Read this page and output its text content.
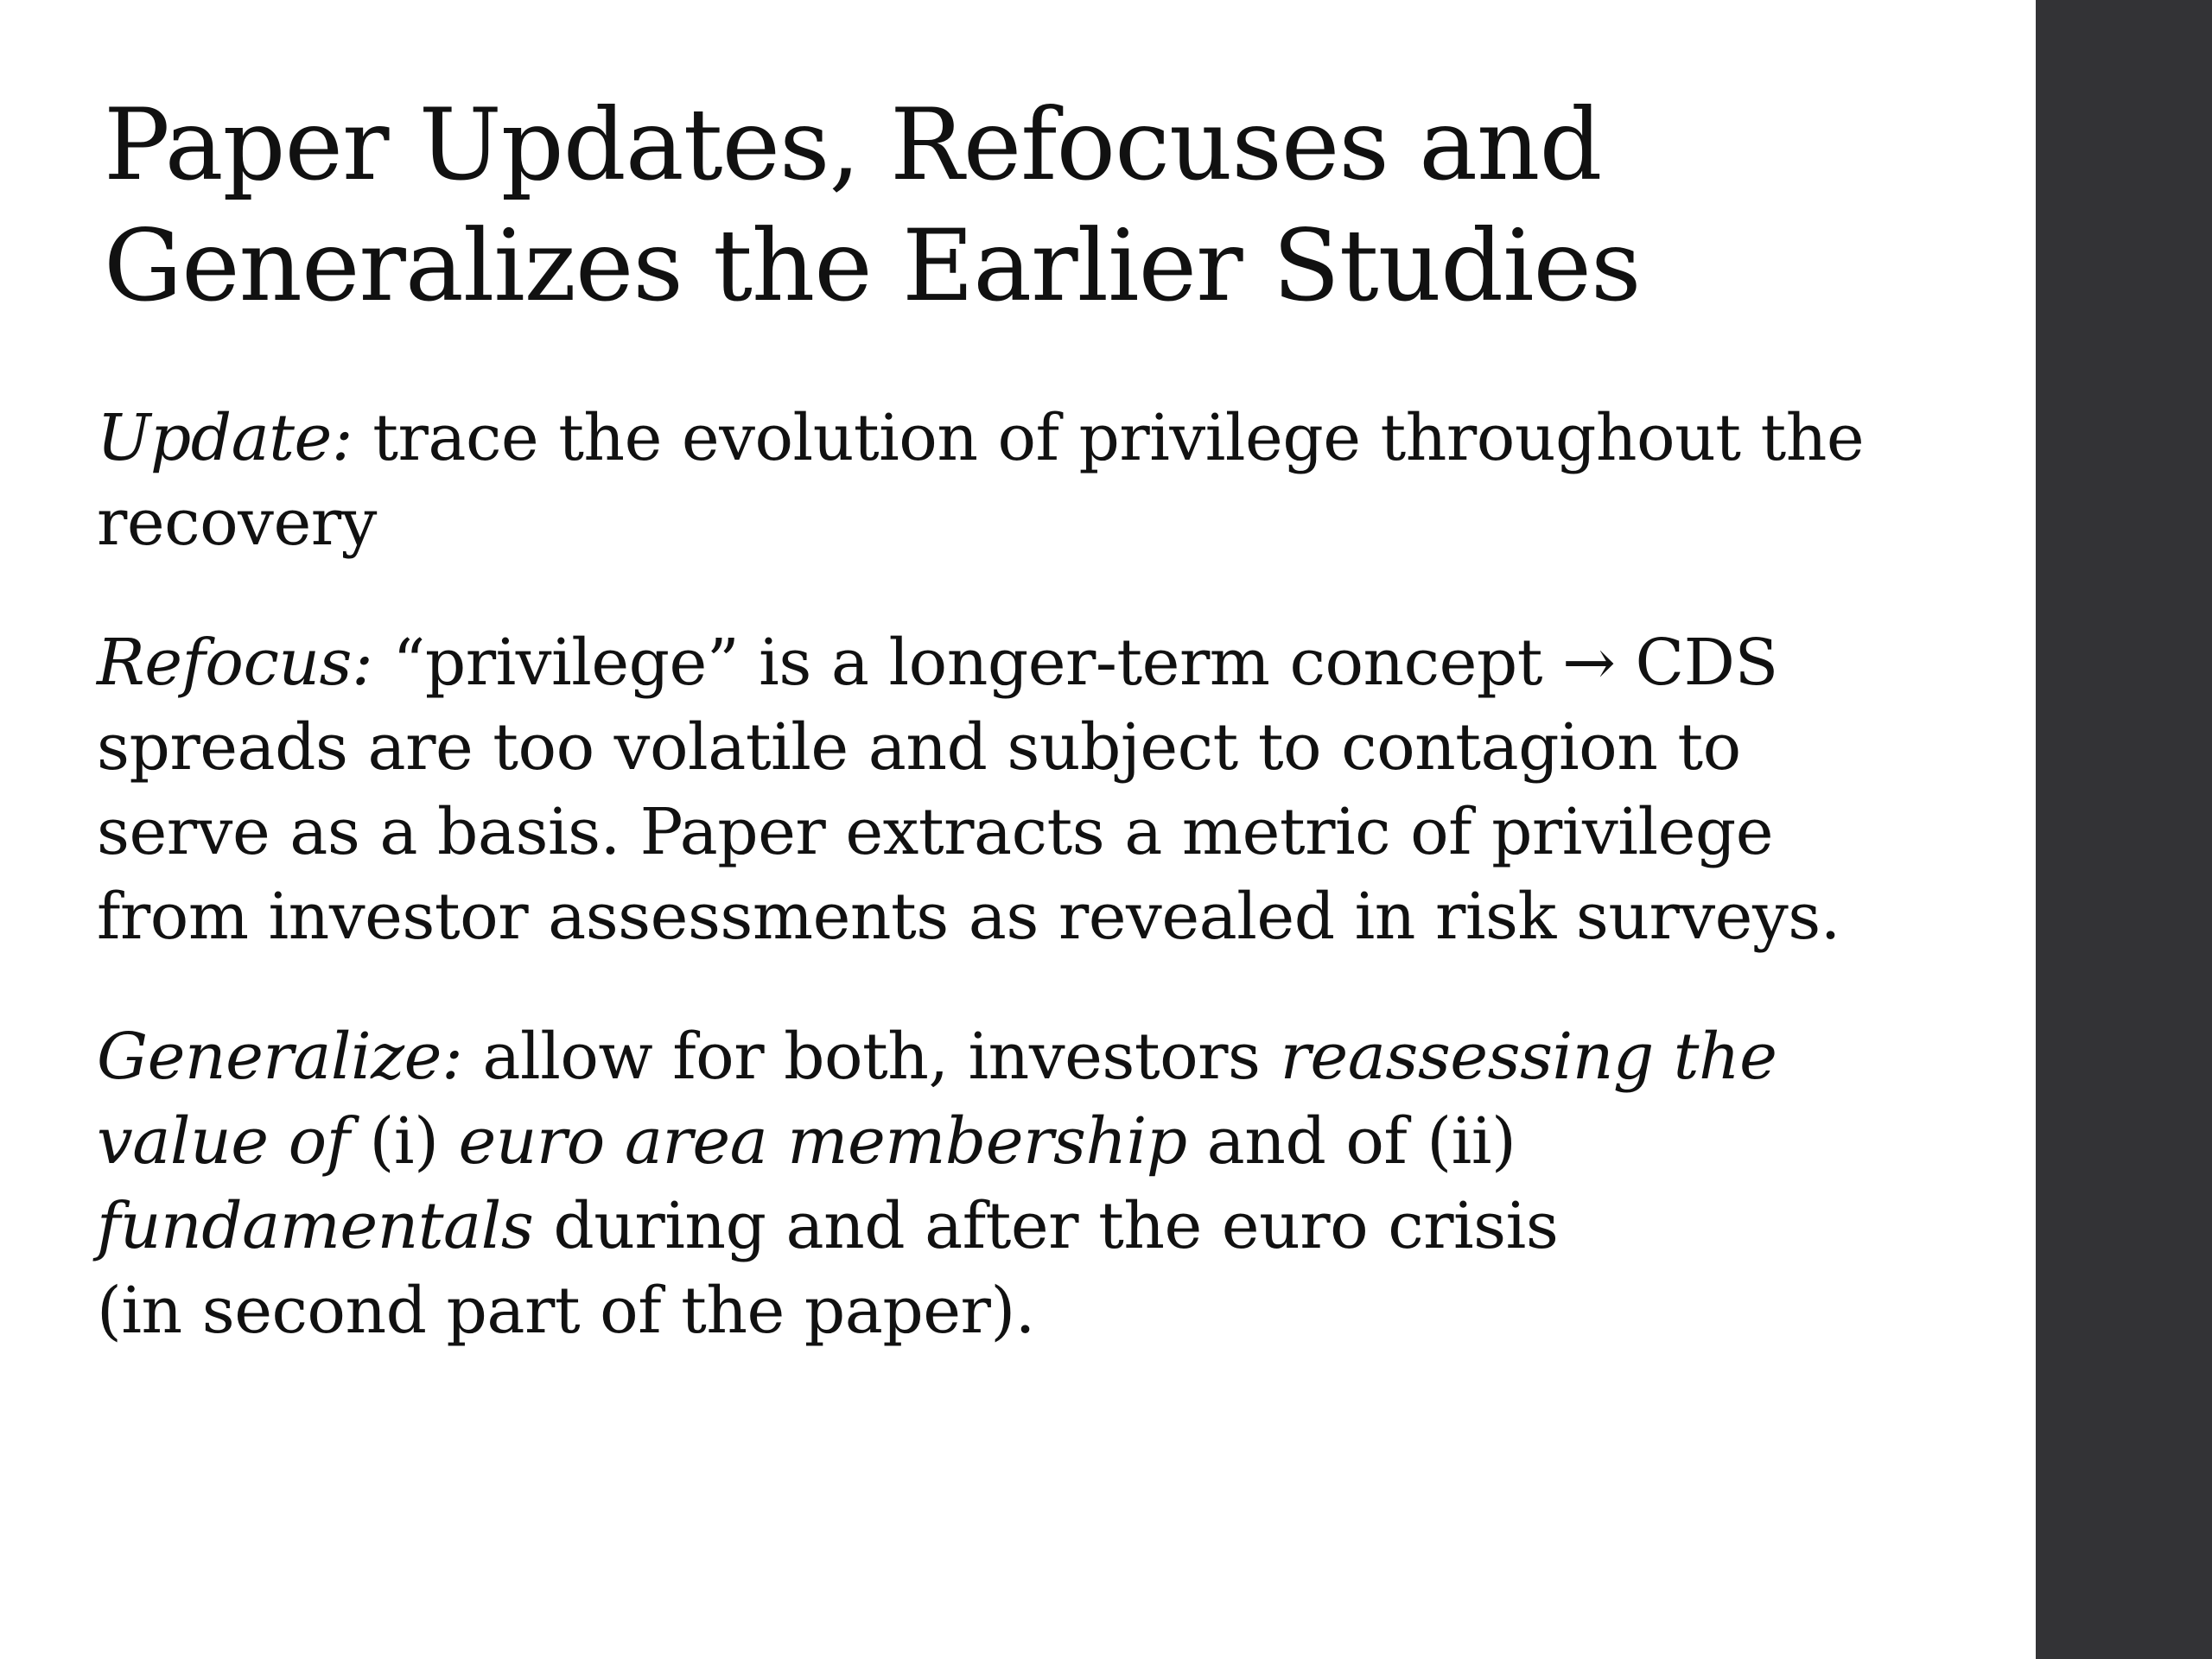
Paper Updates, Refocuses and
Generalizes the Earlier Studies

Update: trace the evolution of privilege throughout the
recovery

Refocus: “privilege” is a longer-term concept → CDS
spreads are too volatile and subject to contagion to
serve as a basis. Paper extracts a metric of privilege
from investor assessments as revealed in risk surveys.

Generalize: allow for both, investors reassessing the
value of (i) euro area membership and of (ii)
fundamentals during and after the euro crisis
(in second part of the paper).
